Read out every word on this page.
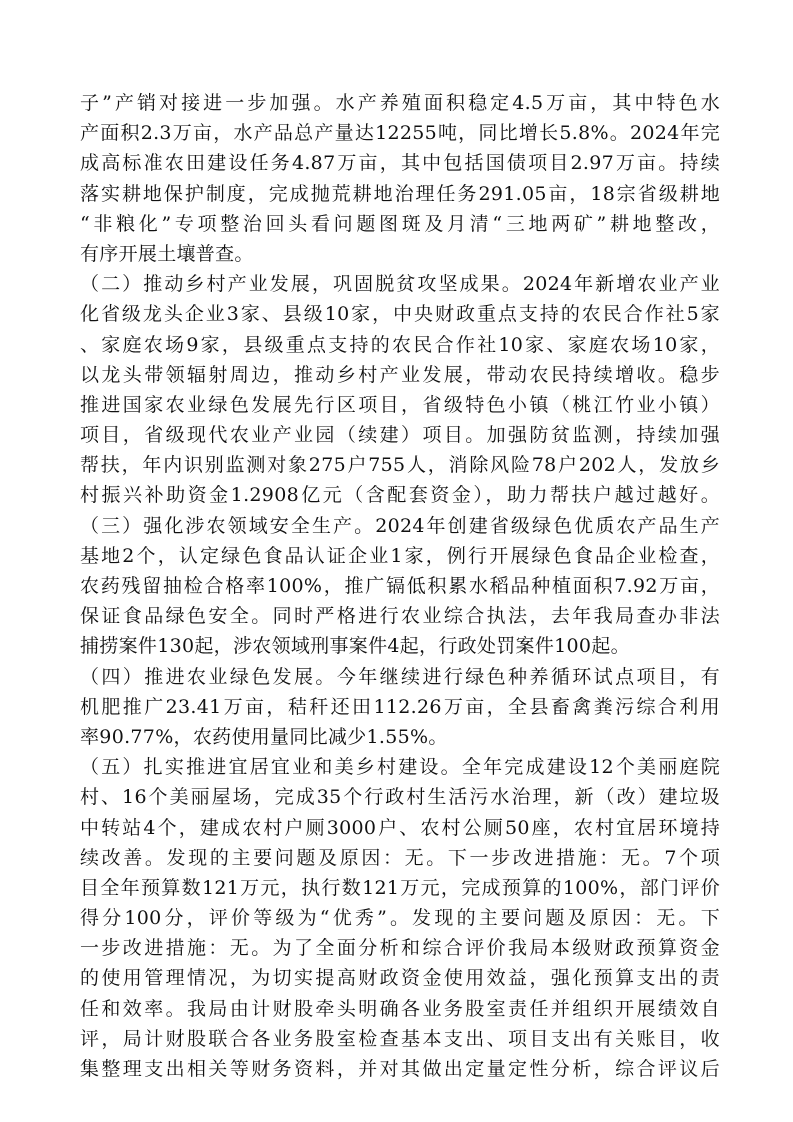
子”产销对接进一步加强。水产养殖面积稳定4.5万亩，其中特色水
产面积2.3万亩，水产品总产量达12255吨，同比增长5.8%。2024年完
成高标准农田建设任务4.87万亩，其中包括国债项目2.97万亩。持续
落实耕地保护制度，完成抛荒耕地治理任务291.05亩，18宗省级耕地
“非粮化”专项整治回头看问题图斑及月清“三地两矿”耕地整改，
有序开展土壤普查。
（二）推动乡村产业发展，巩固脱贫攻坚成果。2024年新增农业产业
化省级龙头企业3家、县级10家，中央财政重点支持的农民合作社5家
、家庭农场9家，县级重点支持的农民合作社10家、家庭农场10家，
以龙头带领辐射周边，推动乡村产业发展，带动农民持续增收。稳步
推进国家农业绿色发展先行区项目，省级特色小镇（桃江竹业小镇）
项目，省级现代农业产业园（续建）项目。加强防贫监测，持续加强
帮扶，年内识别监测对象275户755人，消除风险78户202人，发放乡
村振兴补助资金1.2908亿元（含配套资金），助力帮扶户越过越好。
（三）强化涉农领域安全生产。2024年创建省级绿色优质农产品生产
基地2个，认定绿色食品认证企业1家，例行开展绿色食品企业检查，
农药残留抽检合格率100%，推广镉低积累水稻品种植面积7.92万亩，
保证食品绿色安全。同时严格进行农业综合执法，去年我局查办非法
捕捞案件130起，涉农领域刑事案件4起，行政处罚案件100起。
（四）推进农业绿色发展。今年继续进行绿色种养循环试点项目，有
机肥推广23.41万亩，秸秆还田112.26万亩，全县畜禽粪污综合利用
率90.77%，农药使用量同比减少1.55%。
（五）扎实推进宜居宜业和美乡村建设。全年完成建设12个美丽庭院
村、16个美丽屋场，完成35个行政村生活污水治理，新（改）建垃圾
中转站4个，建成农村户厕3000户、农村公厕50座，农村宜居环境持
续改善。发现的主要问题及原因：无。下一步改进措施：无。7个项
目全年预算数121万元，执行数121万元，完成预算的100%，部门评价
得分100分，评价等级为“优秀”。发现的主要问题及原因：无。下
一步改进措施：无。为了全面分析和综合评价我局本级财政预算资金
的使用管理情况，为切实提高财政资金使用效益，强化预算支出的责
任和效率。我局由计财股牵头明确各业务股室责任并组织开展绩效自
评，局计财股联合各业务股室检查基本支出、项目支出有关账目，收
集整理支出相关等财务资料，并对其做出定量定性分析，综合评议后
